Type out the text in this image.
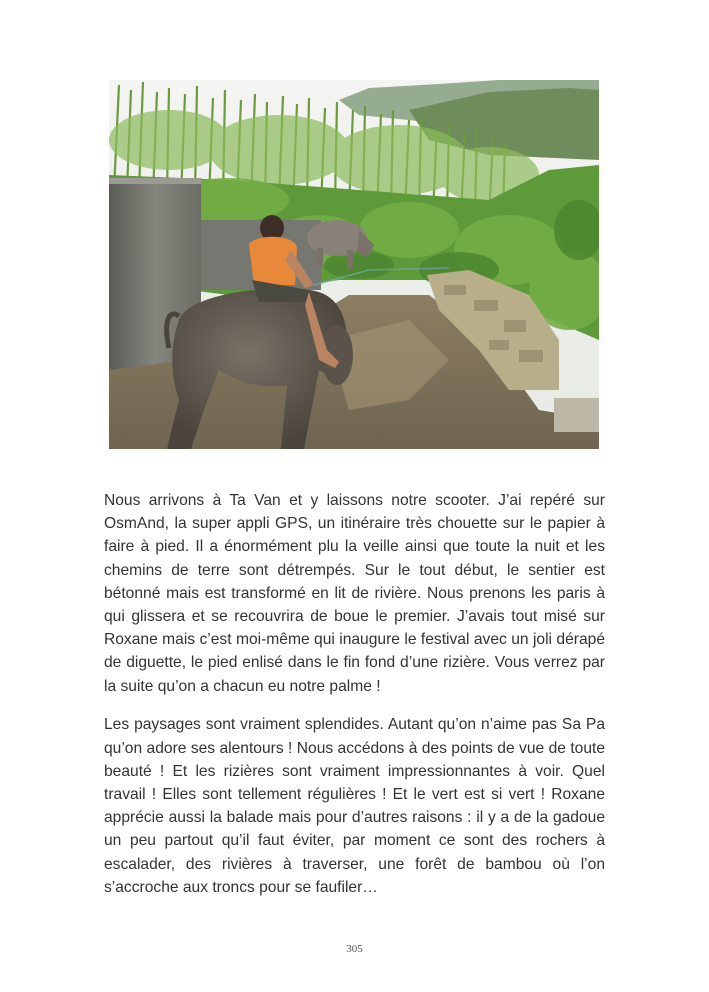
Nous arrivons à Ta Van et y laissons notre scooter. J’ai repéré sur OsmAnd, la super appli GPS, un itinéraire très chouette sur le papier à faire à pied. Il a énormément plu la veille ainsi que toute la nuit et les chemins de terre sont détrempés. Sur le tout début, le sentier est bétonné mais est transformé en lit de rivière. Nous prenons les paris à qui glissera et se recouvrira de boue le premier. J’avais tout misé sur Roxane mais c’est moi-même qui inaugure le festival avec un joli dérapé de diguette, le pied enlisé dans le fin fond d’une rizière. Vous verrez par la suite qu’on a chacun eu notre palme !

Les paysages sont vraiment splendides. Autant qu’on n’aime pas Sa Pa qu’on adore ses alentours ! Nous accédons à des points de vue de toute beauté ! Et les rizières sont vraiment impressionnantes à voir. Quel travail ! Elles sont tellement régulières ! Et le vert est si vert ! Roxane apprécie aussi la balade mais pour d’autres raisons : il y a de la gadoue un peu partout qu’il faut éviter, par moment ce sont des rochers à escalader, des rivières à traverser, une forêt de bambou où l’on s’accroche aux troncs pour se faufiler…

305
